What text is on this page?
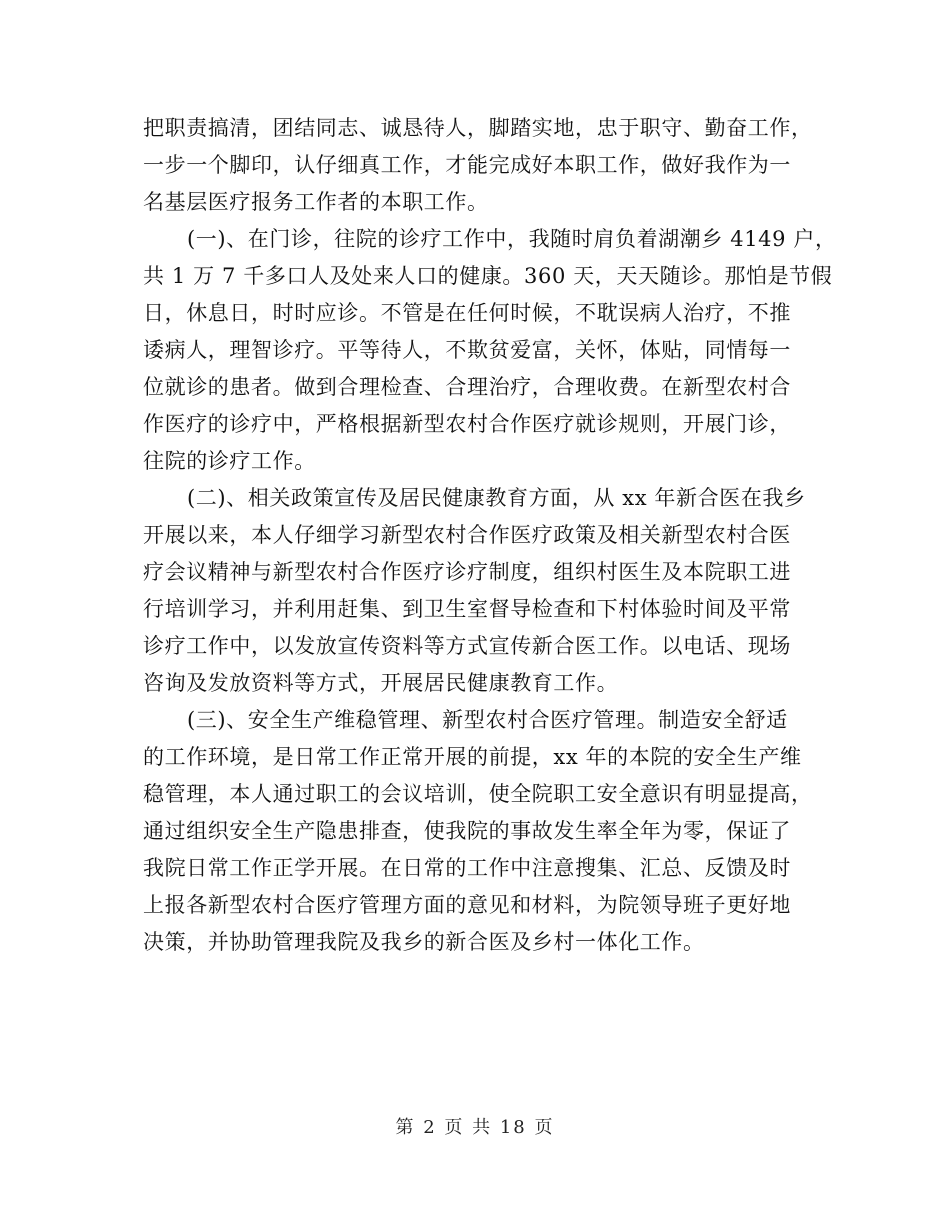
把职责搞清，团结同志、诚恳待人，脚踏实地，忠于职守、勤奋工作，
一步一个脚印，认仔细真工作，才能完成好本职工作，做好我作为一
名基层医疗报务工作者的本职工作。
(一)、在门诊，往院的诊疗工作中，我随时肩负着湖潮乡 4149 户，
共 1 万 7 千多口人及处来人口的健康。360 天，天天随诊。那怕是节假
日，休息日，时时应诊。不管是在任何时候，不耽误病人治疗，不推
诿病人，理智诊疗。平等待人，不欺贫爱富，关怀，体贴，同情每一
位就诊的患者。做到合理检查、合理治疗，合理收费。在新型农村合
作医疗的诊疗中，严格根据新型农村合作医疗就诊规则，开展门诊，
往院的诊疗工作。
(二)、相关政策宣传及居民健康教育方面，从 xx 年新合医在我乡
开展以来，本人仔细学习新型农村合作医疗政策及相关新型农村合医
疗会议精神与新型农村合作医疗诊疗制度，组织村医生及本院职工进
行培训学习，并利用赶集、到卫生室督导检查和下村体验时间及平常
诊疗工作中，以发放宣传资料等方式宣传新合医工作。以电话、现场
咨询及发放资料等方式，开展居民健康教育工作。
(三)、安全生产维稳管理、新型农村合医疗管理。制造安全舒适
的工作环境，是日常工作正常开展的前提，xx 年的本院的安全生产维
稳管理，本人通过职工的会议培训，使全院职工安全意识有明显提高，
通过组织安全生产隐患排查，使我院的事故发生率全年为零，保证了
我院日常工作正学开展。在日常的工作中注意搜集、汇总、反馈及时
上报各新型农村合医疗管理方面的意见和材料，为院领导班子更好地
决策，并协助管理我院及我乡的新合医及乡村一体化工作。
第 2 页 共 18 页
